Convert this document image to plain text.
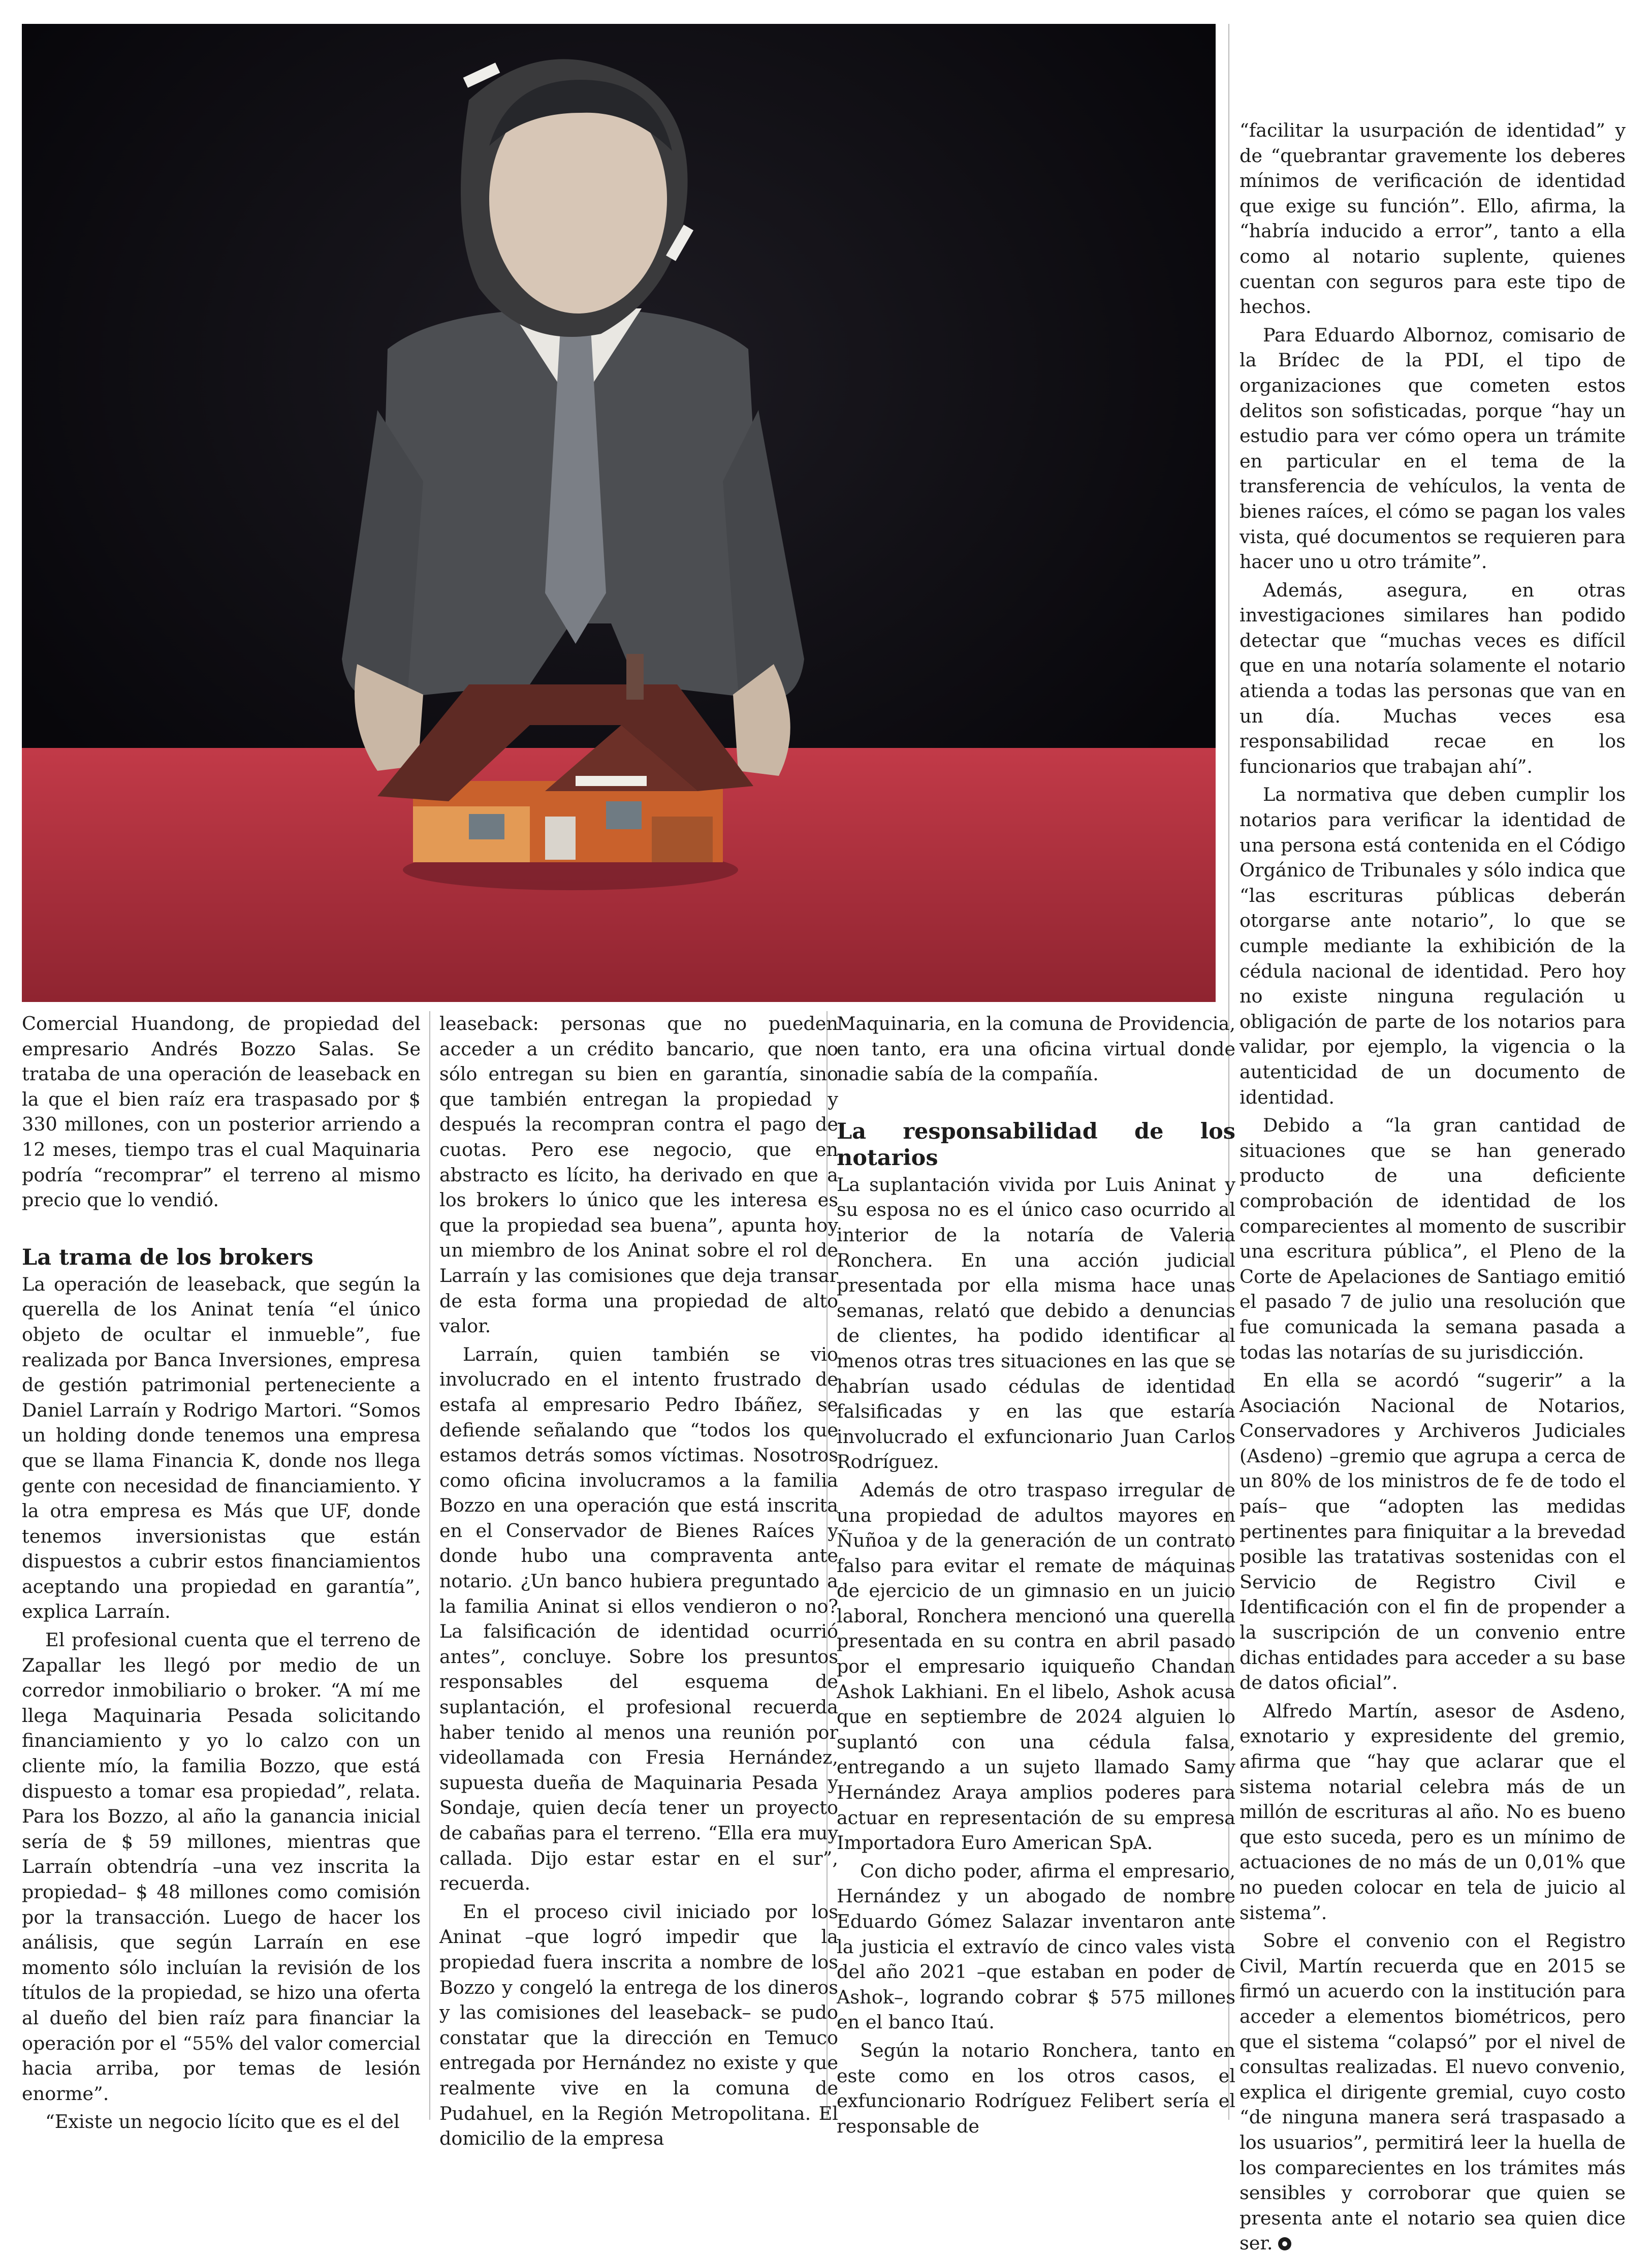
Comercial Huandong, de propiedad del empresario Andrés Bozzo Salas. Se trataba de una operación de leaseback en la que el bien raíz era traspasado por $ 330 millones, con un posterior arriendo a 12 meses, tiempo tras el cual Maquinaria podría “recomprar” el terreno al mismo precio que lo vendió.

La trama de los brokers

La operación de leaseback, que según la querella de los Aninat tenía “el único objeto de ocultar el inmueble”, fue realizada por Banca Inversiones, empresa de gestión patrimonial perteneciente a Daniel Larraín y Rodrigo Martori. “Somos un holding donde tenemos una empresa que se llama Financia K, donde nos llega gente con necesidad de financiamiento. Y la otra empresa es Más que UF, donde tenemos inversionistas que están dispuestos a cubrir estos financiamientos aceptando una propiedad en garantía”, explica Larraín.

El profesional cuenta que el terreno de Zapallar les llegó por medio de un corredor inmobiliario o broker. “A mí me llega Maquinaria Pesada solicitando financiamiento y yo lo calzo con un cliente mío, la familia Bozzo, que está dispuesto a tomar esa propiedad”, relata. Para los Bozzo, al año la ganancia inicial sería de $ 59 millones, mientras que Larraín obtendría –una vez inscrita la propiedad– $ 48 millones como comisión por la transacción. Luego de hacer los análisis, que según Larraín en ese momento sólo incluían la revisión de los títulos de la propiedad, se hizo una oferta al dueño del bien raíz para financiar la operación por el “55% del valor comercial hacia arriba, por temas de lesión enorme”.

“Existe un negocio lícito que es el del

leaseback: personas que no pueden acceder a un crédito bancario, que no sólo entregan su bien en garantía, sino que también entregan la propiedad y después la recompran contra el pago de cuotas. Pero ese negocio, que en abstracto es lícito, ha derivado en que a los brokers lo único que les interesa es que la propiedad sea buena”, apunta hoy un miembro de los Aninat sobre el rol de Larraín y las comisiones que deja transar de esta forma una propiedad de alto valor.

Larraín, quien también se vio involucrado en el intento frustrado de estafa al empresario Pedro Ibáñez, se defiende señalando que “todos los que estamos detrás somos víctimas. Nosotros como oficina involucramos a la familia Bozzo en una operación que está inscrita en el Conservador de Bienes Raíces y donde hubo una compraventa ante notario. ¿Un banco hubiera preguntado a la familia Aninat si ellos vendieron o no? La falsificación de identidad ocurrió antes”, concluye. Sobre los presuntos responsables del esquema de suplantación, el profesional recuerda haber tenido al menos una reunión por videollamada con Fresia Hernández, supuesta dueña de Maquinaria Pesada y Sondaje, quien decía tener un proyecto de cabañas para el terreno. “Ella era muy callada. Dijo estar estar en el sur”, recuerda.

En el proceso civil iniciado por los Aninat –que logró impedir que la propiedad fuera inscrita a nombre de los Bozzo y congeló la entrega de los dineros y las comisiones del leaseback– se pudo constatar que la dirección en Temuco entregada por Hernández no existe y que realmente vive en la comuna de Pudahuel, en la Región Metropolitana. El domicilio de la empresa

Maquinaria, en la comuna de Providencia, en tanto, era una oficina virtual donde nadie sabía de la compañía.

La responsabilidad de los notarios

La suplantación vivida por Luis Aninat y su esposa no es el único caso ocurrido al interior de la notaría de Valeria Ronchera. En una acción judicial presentada por ella misma hace unas semanas, relató que debido a denuncias de clientes, ha podido identificar al menos otras tres situaciones en las que se habrían usado cédulas de identidad falsificadas y en las que estaría involucrado el exfuncionario Juan Carlos Rodríguez.

Además de otro traspaso irregular de una propiedad de adultos mayores en Ñuñoa y de la generación de un contrato falso para evitar el remate de máquinas de ejercicio de un gimnasio en un juicio laboral, Ronchera mencionó una querella presentada en su contra en abril pasado por el empresario iquiqueño Chandan Ashok Lakhiani. En el libelo, Ashok acusa que en septiembre de 2024 alguien lo suplantó con una cédula falsa, entregando a un sujeto llamado Samy Hernández Araya amplios poderes para actuar en representación de su empresa Importadora Euro American SpA.

Con dicho poder, afirma el empresario, Hernández y un abogado de nombre Eduardo Gómez Salazar inventaron ante la justicia el extravío de cinco vales vista del año 2021 –que estaban en poder de Ashok–, logrando cobrar $ 575 millones en el banco Itaú.

Según la notario Ronchera, tanto en este como en los otros casos, el exfuncionario Rodríguez Felibert sería el responsable de

“facilitar la usurpación de identidad” y de “quebrantar gravemente los deberes mínimos de verificación de identidad que exige su función”. Ello, afirma, la “habría inducido a error”, tanto a ella como al notario suplente, quienes cuentan con seguros para este tipo de hechos.

Para Eduardo Albornoz, comisario de la Brídec de la PDI, el tipo de organizaciones que cometen estos delitos son sofisticadas, porque “hay un estudio para ver cómo opera un trámite en particular en el tema de la transferencia de vehículos, la venta de bienes raíces, el cómo se pagan los vales vista, qué documentos se requieren para hacer uno u otro trámite”.

Además, asegura, en otras investigaciones similares han podido detectar que “muchas veces es difícil que en una notaría solamente el notario atienda a todas las personas que van en un día. Muchas veces esa responsabilidad recae en los funcionarios que trabajan ahí”.

La normativa que deben cumplir los notarios para verificar la identidad de una persona está contenida en el Código Orgánico de Tribunales y sólo indica que “las escrituras públicas deberán otorgarse ante notario”, lo que se cumple mediante la exhibición de la cédula nacional de identidad. Pero hoy no existe ninguna regulación u obligación de parte de los notarios para validar, por ejemplo, la vigencia o la autenticidad de un documento de identidad.

Debido a “la gran cantidad de situaciones que se han generado producto de una deficiente comprobación de identidad de los comparecientes al momento de suscribir una escritura pública”, el Pleno de la Corte de Apelaciones de Santiago emitió el pasado 7 de julio una resolución que fue comunicada la semana pasada a todas las notarías de su jurisdicción.

En ella se acordó “sugerir” a la Asociación Nacional de Notarios, Conservadores y Archiveros Judiciales (Asdeno) –gremio que agrupa a cerca de un 80% de los ministros de fe de todo el país– que “adopten las medidas pertinentes para finiquitar a la brevedad posible las tratativas sostenidas con el Servicio de Registro Civil e Identificación con el fin de propender a la suscripción de un convenio entre dichas entidades para acceder a su base de datos oficial”.

Alfredo Martín, asesor de Asdeno, exnotario y expresidente del gremio, afirma que “hay que aclarar que el sistema notarial celebra más de un millón de escrituras al año. No es bueno que esto suceda, pero es un mínimo de actuaciones de no más de un 0,01% que no pueden colocar en tela de juicio al sistema”.

Sobre el convenio con el Registro Civil, Martín recuerda que en 2015 se firmó un acuerdo con la institución para acceder a elementos biométricos, pero que el sistema “colapsó” por el nivel de consultas realizadas. El nuevo convenio, explica el dirigente gremial, cuyo costo “de ninguna manera será traspasado a los usuarios”, permitirá leer la huella de los comparecientes en los trámites más sensibles y corroborar que quien se presenta ante el notario sea quien dice ser.
